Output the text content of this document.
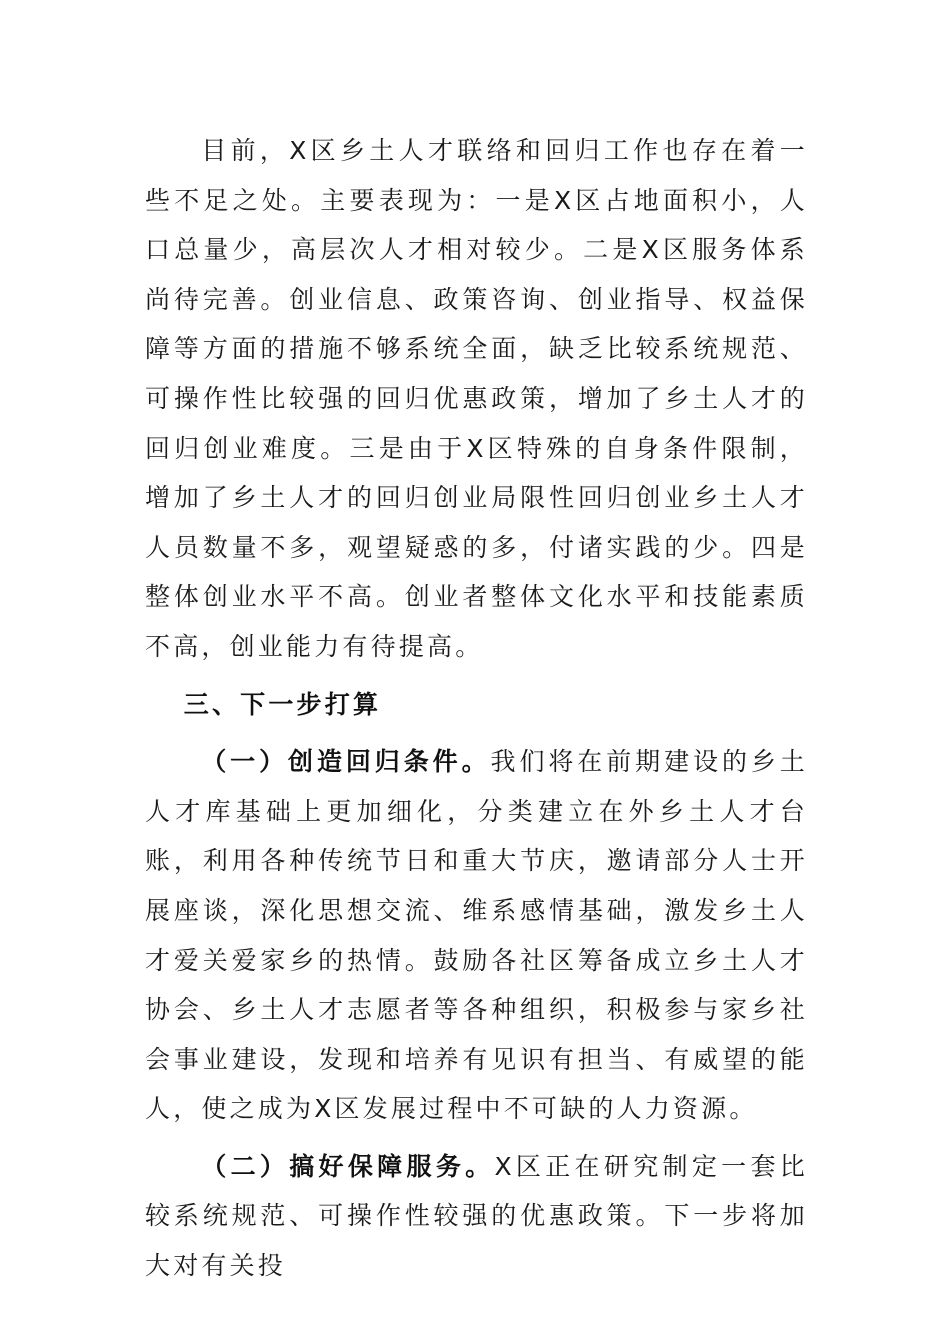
目前，X区乡土人才联络和回归工作也存在着一些不足之处。主要表现为：一是X区占地面积小，人口总量少，高层次人才相对较少。二是X区服务体系尚待完善。创业信息、政策咨询、创业指导、权益保障等方面的措施不够系统全面，缺乏比较系统规范、可操作性比较强的回归优惠政策，增加了乡土人才的回归创业难度。三是由于X区特殊的自身条件限制，增加了乡土人才的回归创业局限性回归创业乡土人才人员数量不多，观望疑惑的多，付诸实践的少。四是整体创业水平不高。创业者整体文化水平和技能素质不高，创业能力有待提高。

三、下一步打算

（一）创造回归条件。我们将在前期建设的乡土人才库基础上更加细化，分类建立在外乡土人才台账，利用各种传统节日和重大节庆，邀请部分人士开展座谈，深化思想交流、维系感情基础，激发乡土人才爱关爱家乡的热情。鼓励各社区筹备成立乡土人才协会、乡土人才志愿者等各种组织，积极参与家乡社会事业建设，发现和培养有见识有担当、有威望的能人，使之成为X区发展过程中不可缺的人力资源。

（二）搞好保障服务。X区正在研究制定一套比较系统规范、可操作性较强的优惠政策。下一步将加大对有关投
